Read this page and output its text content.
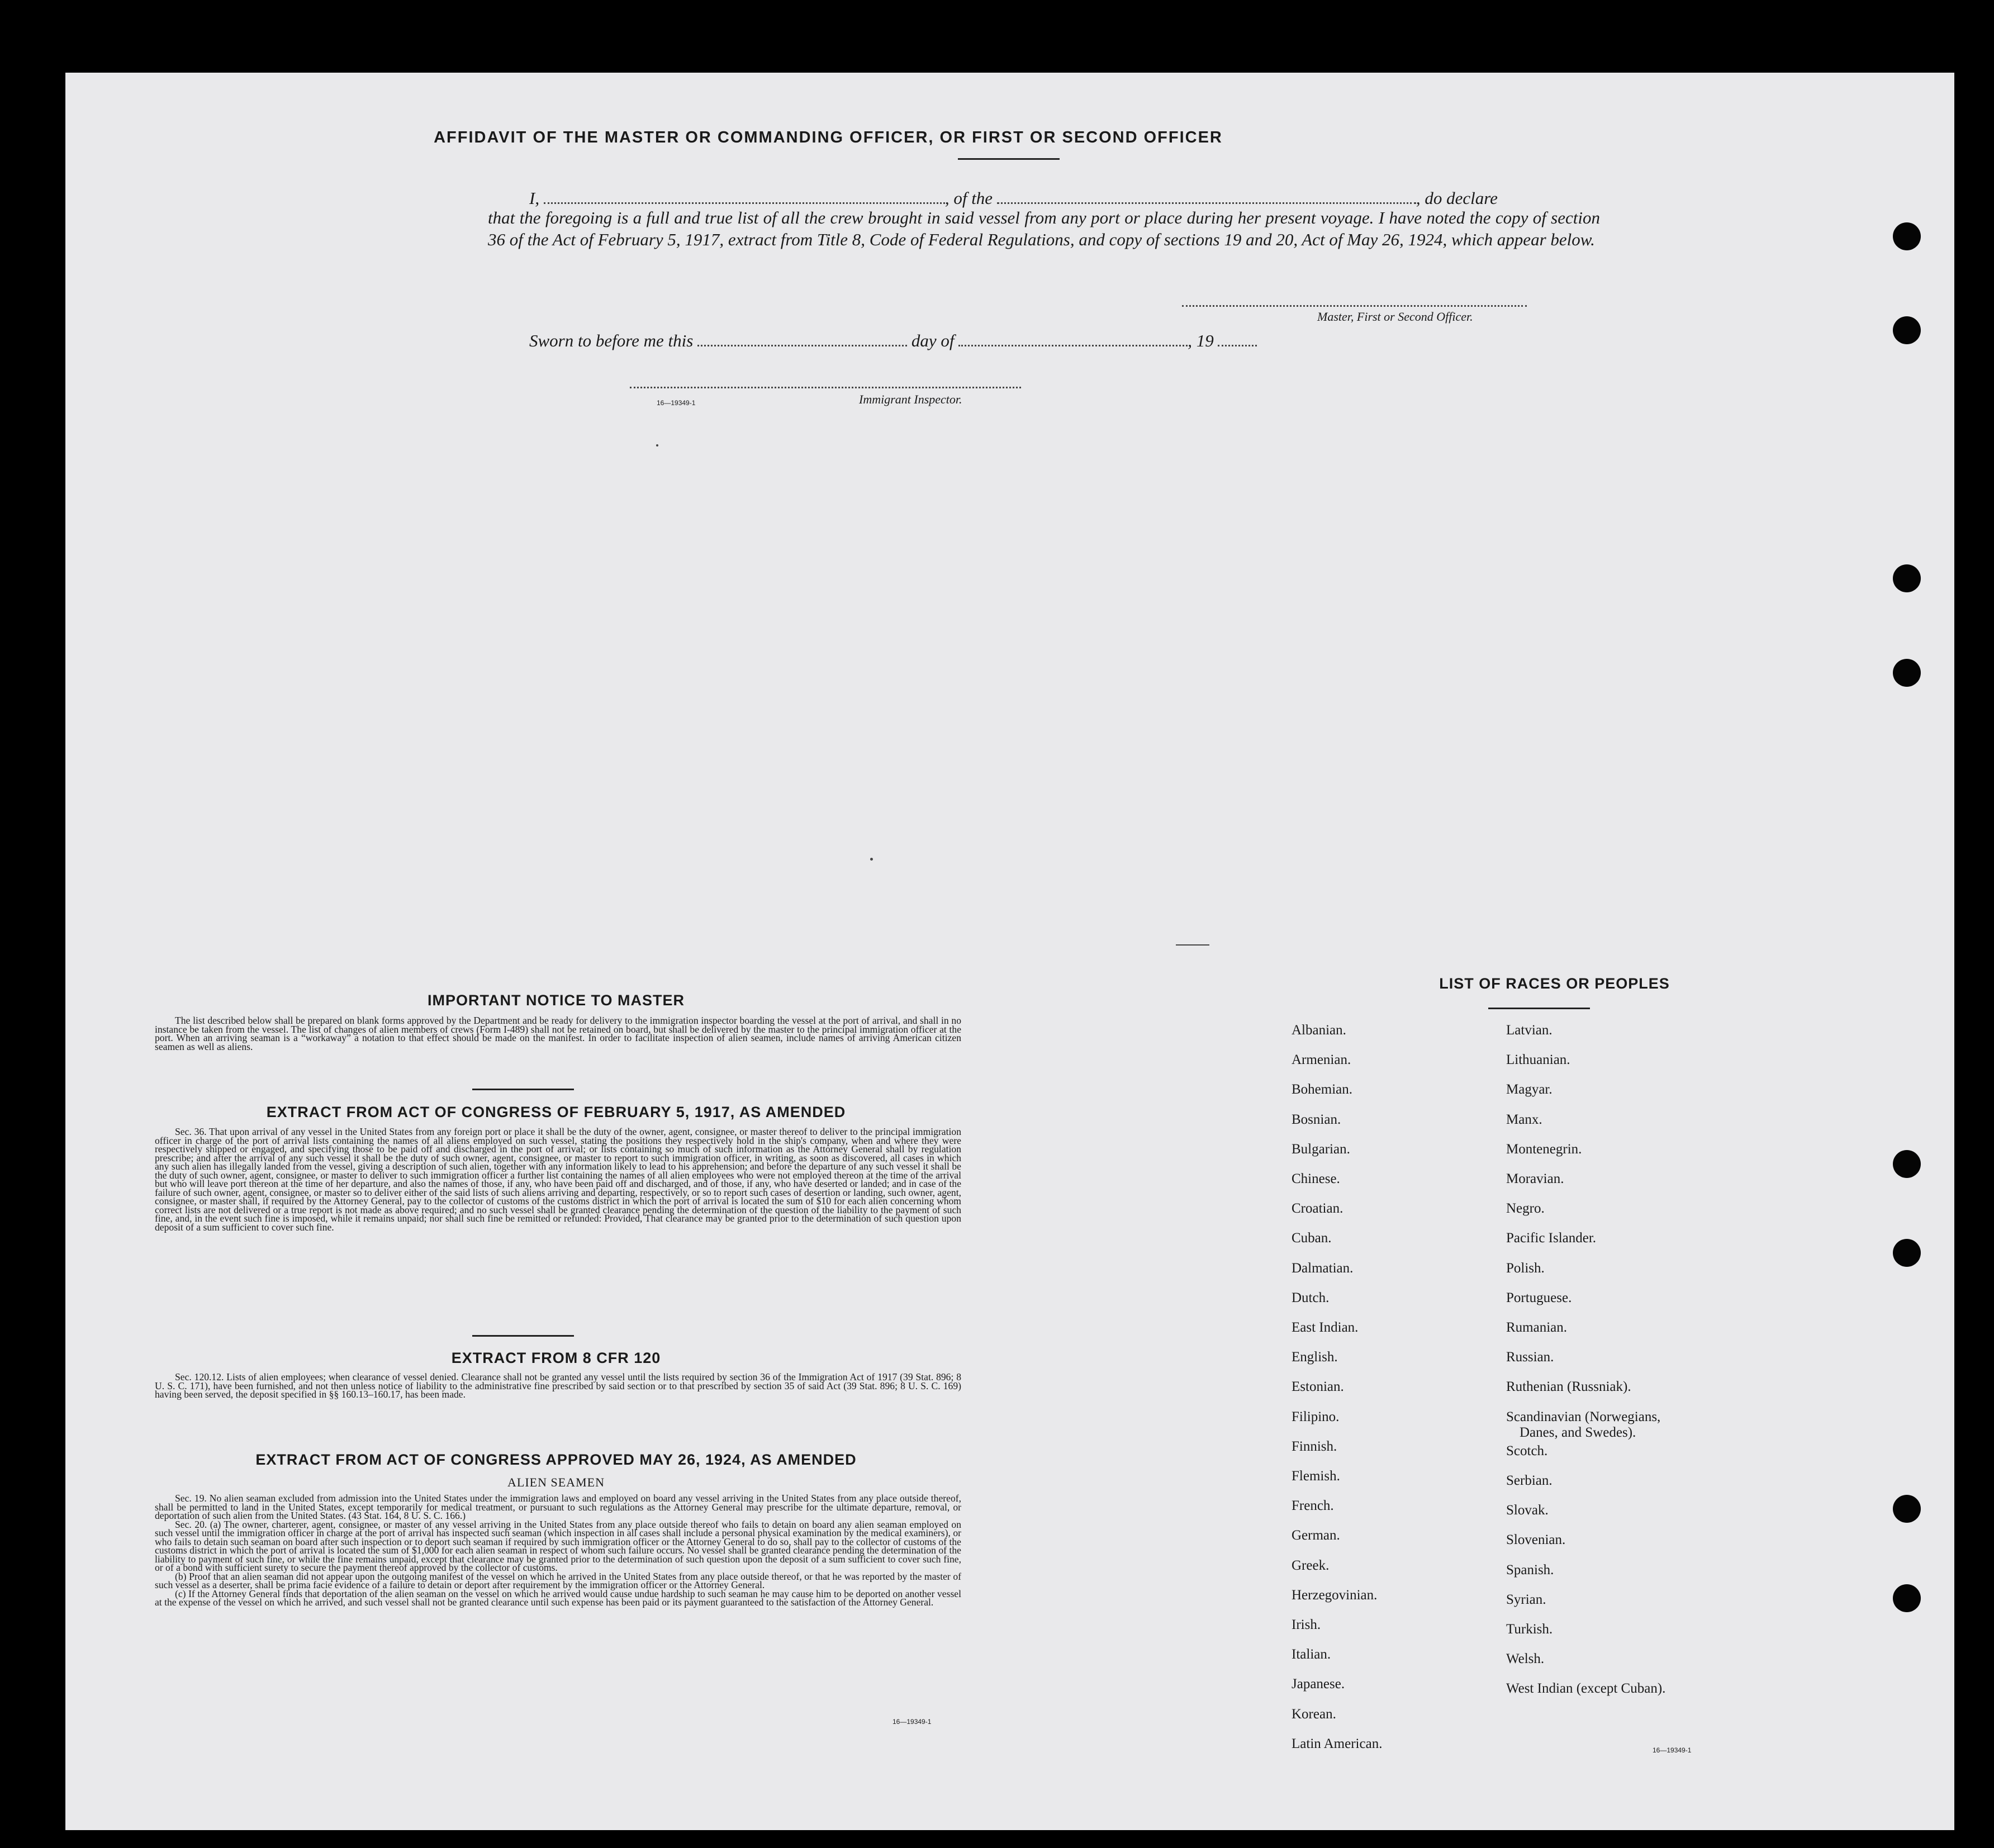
AFFIDAVIT OF THE MASTER OR COMMANDING OFFICER, OR FIRST OR SECOND OFFICER
I,	, of the	, do declare
that the foregoing is a full and true list of all the crew brought in said vessel from any port or place during her present voyage. I have noted the copy of section 36 of the Act of February 5, 1917, extract from Title 8, Code of Federal Regulations, and copy of sections 19 and 20, Act of May 26, 1924, which appear below.
Master, First or Second Officer.
Sworn to before me this	day of	, 19
16—19349-1	Immigrant Inspector.
IMPORTANT NOTICE TO MASTER
The list described below shall be prepared on blank forms approved by the Department and be ready for delivery to the immigration inspector boarding the vessel at the port of arrival, and shall in no instance be taken from the vessel. The list of changes of alien members of crews (Form I-489) shall not be retained on board, but shall be delivered by the master to the principal immigration officer at the port. When an arriving seaman is a “workaway” a notation to that effect should be made on the manifest. In order to facilitate inspection of alien seamen, include names of arriving American citizen seamen as well as aliens.
EXTRACT FROM ACT OF CONGRESS OF FEBRUARY 5, 1917, AS AMENDED
Sec. 36. That upon arrival of any vessel in the United States from any foreign port or place it shall be the duty of the owner, agent, consignee, or master thereof to deliver to the principal immigration officer in charge of the port of arrival lists containing the names of all aliens employed on such vessel, stating the positions they respectively hold in the ship's company, when and where they were respectively shipped or engaged, and specifying those to be paid off and discharged in the port of arrival; or lists containing so much of such information as the Attorney General shall by regulation prescribe; and after the arrival of any such vessel it shall be the duty of such owner, agent, consignee, or master to report to such immigration officer, in writing, as soon as discovered, all cases in which any such alien has illegally landed from the vessel, giving a description of such alien, together with any information likely to lead to his apprehension; and before the departure of any such vessel it shall be the duty of such owner, agent, consignee, or master to deliver to such immigration officer a further list containing the names of all alien employees who were not employed thereon at the time of the arrival but who will leave port thereon at the time of her departure, and also the names of those, if any, who have been paid off and discharged, and of those, if any, who have deserted or landed; and in case of the failure of such owner, agent, consignee, or master so to deliver either of the said lists of such aliens arriving and departing, respectively, or so to report such cases of desertion or landing, such owner, agent, consignee, or master shall, if required by the Attorney General, pay to the collector of customs of the customs district in which the port of arrival is located the sum of $10 for each alien concerning whom correct lists are not delivered or a true report is not made as above required; and no such vessel shall be granted clearance pending the determination of the question of the liability to the payment of such fine, and, in the event such fine is imposed, while it remains unpaid; nor shall such fine be remitted or refunded: Provided, That clearance may be granted prior to the determination of such question upon deposit of a sum sufficient to cover such fine.
EXTRACT FROM 8 CFR 120
Sec. 120.12. Lists of alien employees; when clearance of vessel denied. Clearance shall not be granted any vessel until the lists required by section 36 of the Immigration Act of 1917 (39 Stat. 896; 8 U. S. C. 171), have been furnished, and not then unless notice of liability to the administrative fine prescribed by said section or to that prescribed by section 35 of said Act (39 Stat. 896; 8 U. S. C. 169) having been served, the deposit specified in §§ 160.13–160.17, has been made.
EXTRACT FROM ACT OF CONGRESS APPROVED MAY 26, 1924, AS AMENDED
ALIEN SEAMEN

Sec. 19. No alien seaman excluded from admission into the United States under the immigration laws and employed on board any vessel arriving in the United States from any place outside thereof, shall be permitted to land in the United States, except temporarily for medical treatment, or pursuant to such regulations as the Attorney General may prescribe for the ultimate departure, removal, or deportation of such alien from the United States. (43 Stat. 164, 8 U. S. C. 166.)

Sec. 20. (a) The owner, charterer, agent, consignee, or master of any vessel arriving in the United States from any place outside thereof who fails to detain on board any alien seaman employed on such vessel until the immigration officer in charge at the port of arrival has inspected such seaman (which inspection in all cases shall include a personal physical examination by the medical examiners), or who fails to detain such seaman on board after such inspection or to deport such seaman if required by such immigration officer or the Attorney General to do so, shall pay to the collector of customs of the customs district in which the port of arrival is located the sum of $1,000 for each alien seaman in respect of whom such failure occurs. No vessel shall be granted clearance pending the determination of the liability to payment of such fine, or while the fine remains unpaid, except that clearance may be granted prior to the determination of such question upon the deposit of a sum sufficient to cover such fine, or of a bond with sufficient surety to secure the payment thereof approved by the collector of customs.

(b) Proof that an alien seaman did not appear upon the outgoing manifest of the vessel on which he arrived in the United States from any place outside thereof, or that he was reported by the master of such vessel as a deserter, shall be prima facie evidence of a failure to detain or deport after requirement by the immigration officer or the Attorney General.

(c) If the Attorney General finds that deportation of the alien seaman on the vessel on which he arrived would cause undue hardship to such seaman he may cause him to be deported on another vessel at the expense of the vessel on which he arrived, and such vessel shall not be granted clearance until such expense has been paid or its payment guaranteed to the satisfaction of the Attorney General.

16—19349-1
LIST OF RACES OR PEOPLES
16—19349-1
Albanian.
Armenian.
Bohemian.
Bosnian.
Bulgarian.
Chinese.
Croatian.
Cuban.
Dalmatian.
Dutch.
East Indian.
English.
Estonian.
Filipino.
Finnish.
Flemish.
French.
German.
Greek.
Herzegovinian.
Irish.
Italian.
Japanese.
Korean.
Latin American.
Latvian.
Lithuanian.
Magyar.
Manx.
Montenegrin.
Moravian.
Negro.
Pacific Islander.
Polish.
Portuguese.
Rumanian.
Russian.
Ruthenian (Russniak).
Scandinavian (Norwegians,
Danes, and Swedes).
Scotch.
Serbian.
Slovak.
Slovenian.
Spanish.
Syrian.
Turkish.
Welsh.
West Indian (except Cuban).
